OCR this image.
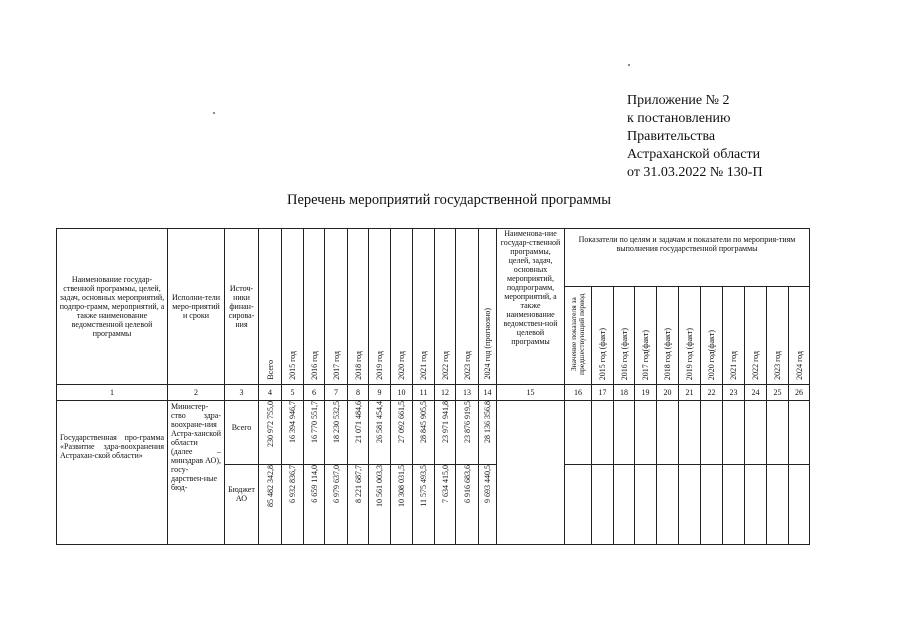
Приложение № 2
к постановлению
Правительства
Астраханской области
от 31.03.2022 № 130-П
Перечень мероприятий государственной программы
Наименование государ-ственной программы, целей, задач, основных мероприятий, подпро-грамм, мероприятий, а также наименование ведомственной целевой программы	Исполни-тели меро-приятий и сроки	Источ-ники финан-сирова-ния	Всего	2015 год	2016 год	2017 год	2018 год	2019 год	2020 год	2021 год	2022 год	2023 год	2024 год (прогнозно)	Наименова-ние государ-ственной программы, целей, задач, основных мероприятий, подпрограмм, мероприятий, а также наименование ведомствен-ной целевой программы	Показатели по целям и задачам и показатели по мероприя-тиям выполнения государственной программы										

															Значение показателя за предшествующий период	2015 год (факт)	2016 год (факт)	2017 год(факт)	2018 год (факт)	2019 год (факт)	2020 год(факт)	2021 год	2022 год	2023 год	2024 год

1	2	3	4	5	6	7	8	9	10	11	12	13	14	15	16	17	18	19	20	21	22	23	24	25	26

Государственная про-грамма «Развитие здра-воохранения Астрахан-ской области»	Министер-ство здра-воохране-ния Астра-ханской области (далее – минздрав АО), госу-дарствен-ные бюд-	Всего	230 972 755,0	16 394 946,7	16 770 551,7	18 230 532,5	21 071 484,6	26 581 454,4	27 092 661,5	28 845 905,5	23 971 941,8	23 876 919,5	28 136 356,8												

		Бюджет АО	85 482 342,8	6 932 836,7	6 659 114,0	6 979 637,0	8 221 687,7	10 561 003,3	10 308 031,5	11 575 493,5	7 634 415,0	6 916 683,6	9 693 440,5												
